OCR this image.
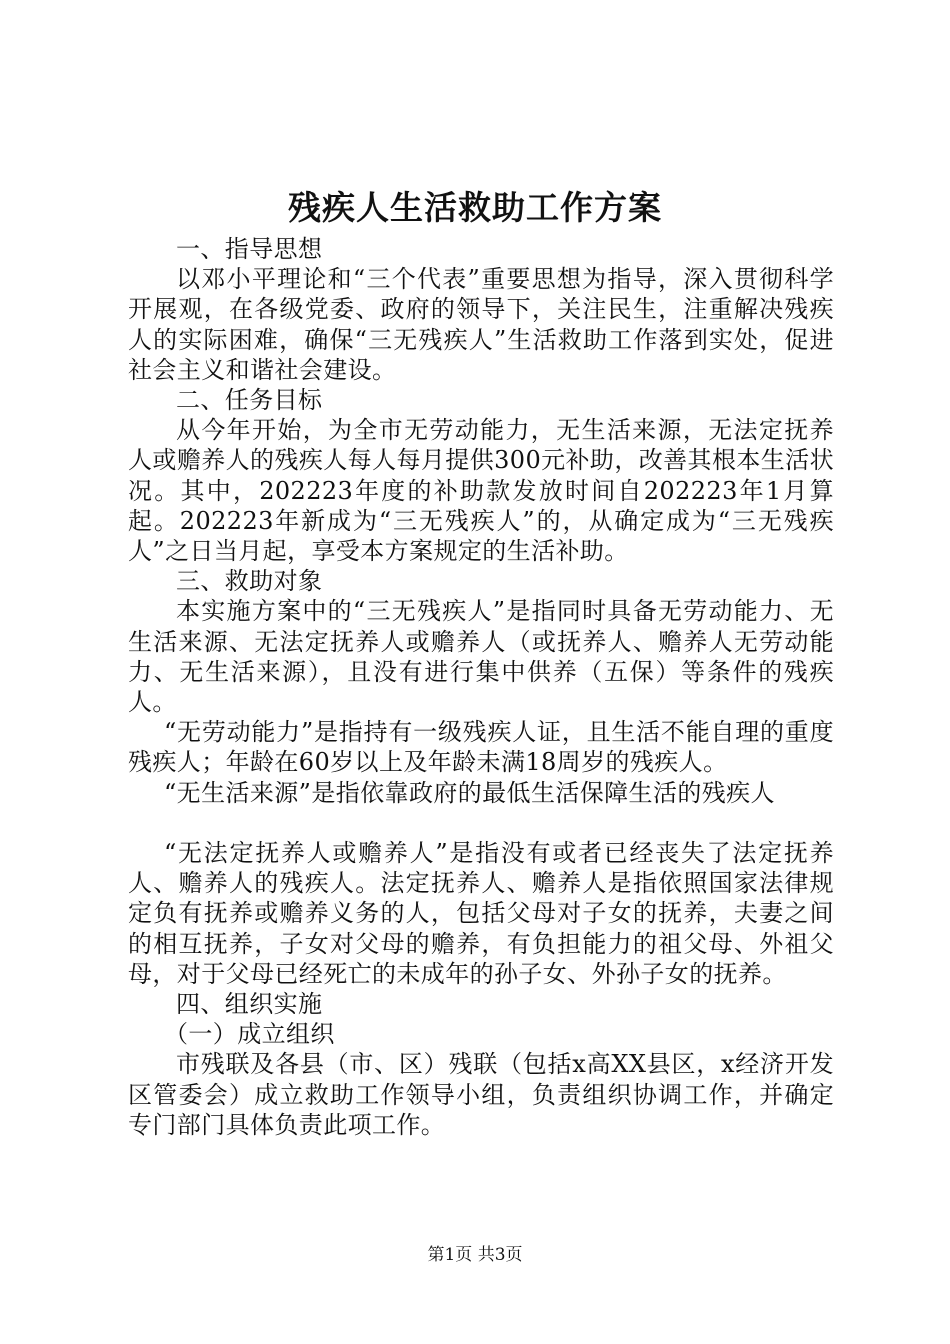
残疾人生活救助工作方案

一、指导思想

以邓小平理论和“三个代表”重要思想为指导，深入贯彻科学开展观，在各级党委、政府的领导下，关注民生，注重解决残疾人的实际困难，确保“三无残疾人”生活救助工作落到实处，促进社会主义和谐社会建设。

二、任务目标

从今年开始，为全市无劳动能力，无生活来源，无法定抚养人或赡养人的残疾人每人每月提供300元补助，改善其根本生活状况。其中，202223年度的补助款发放时间自202223年1月算起。202223年新成为“三无残疾人”的，从确定成为“三无残疾人”之日当月起，享受本方案规定的生活补助。

三、救助对象

本实施方案中的“三无残疾人”是指同时具备无劳动能力、无生活来源、无法定抚养人或赡养人（或抚养人、赡养人无劳动能力、无生活来源），且没有进行集中供养（五保）等条件的残疾人。

“无劳动能力”是指持有一级残疾人证，且生活不能自理的重度残疾人；年龄在60岁以上及年龄未满18周岁的残疾人。

“无生活来源”是指依靠政府的最低生活保障生活的残疾人

“无法定抚养人或赡养人”是指没有或者已经丧失了法定抚养人、赡养人的残疾人。法定抚养人、赡养人是指依照国家法律规定负有抚养或赡养义务的人，包括父母对子女的抚养，夫妻之间的相互抚养，子女对父母的赡养，有负担能力的祖父母、外祖父母，对于父母已经死亡的未成年的孙子女、外孙子女的抚养。

四、组织实施

（一）成立组织

市残联及各县（市、区）残联（包括x高XX县区，x经济开发区管委会）成立救助工作领导小组，负责组织协调工作，并确定专门部门具体负责此项工作。

第1页 共3页
